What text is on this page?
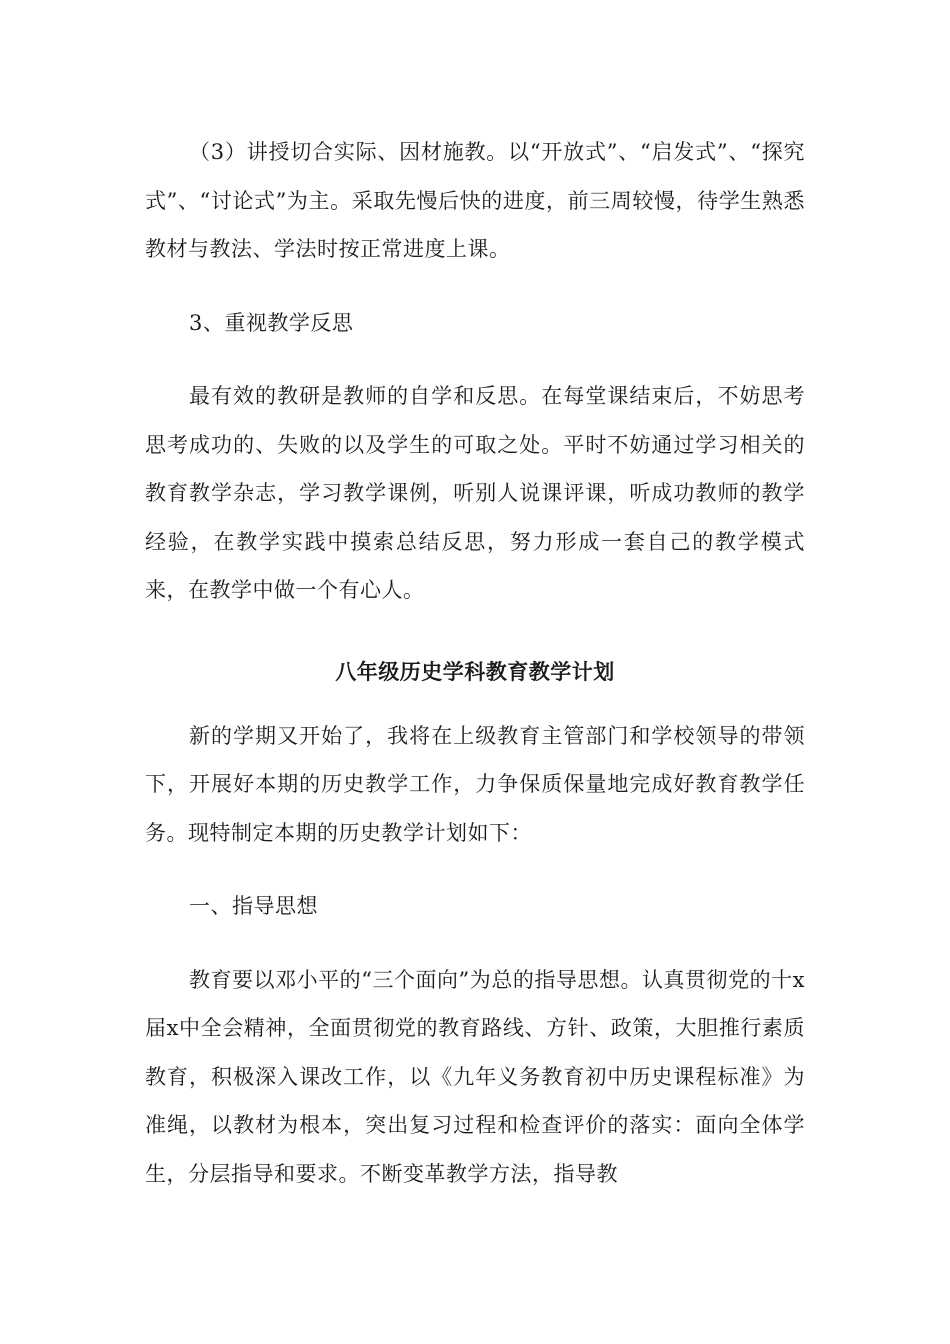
（3）讲授切合实际、因材施教。以“开放式”、“启发式”、“探究式”、“讨论式”为主。采取先慢后快的进度，前三周较慢，待学生熟悉教材与教法、学法时按正常进度上课。

3、重视教学反思

最有效的教研是教师的自学和反思。在每堂课结束后，不妨思考思考成功的、失败的以及学生的可取之处。平时不妨通过学习相关的教育教学杂志，学习教学课例，听别人说课评课，听成功教师的教学经验，在教学实践中摸索总结反思，努力形成一套自己的教学模式来，在教学中做一个有心人。

八年级历史学科教育教学计划

新的学期又开始了，我将在上级教育主管部门和学校领导的带领下，开展好本期的历史教学工作，力争保质保量地完成好教育教学任务。现特制定本期的历史教学计划如下：

一、指导思想

教育要以邓小平的“三个面向”为总的指导思想。认真贯彻党的十x届x中全会精神，全面贯彻党的教育路线、方针、政策，大胆推行素质教育，积极深入课改工作，以《九年义务教育初中历史课程标准》为准绳，以教材为根本，突出复习过程和检查评价的落实：面向全体学生，分层指导和要求。不断变革教学方法，指导教
